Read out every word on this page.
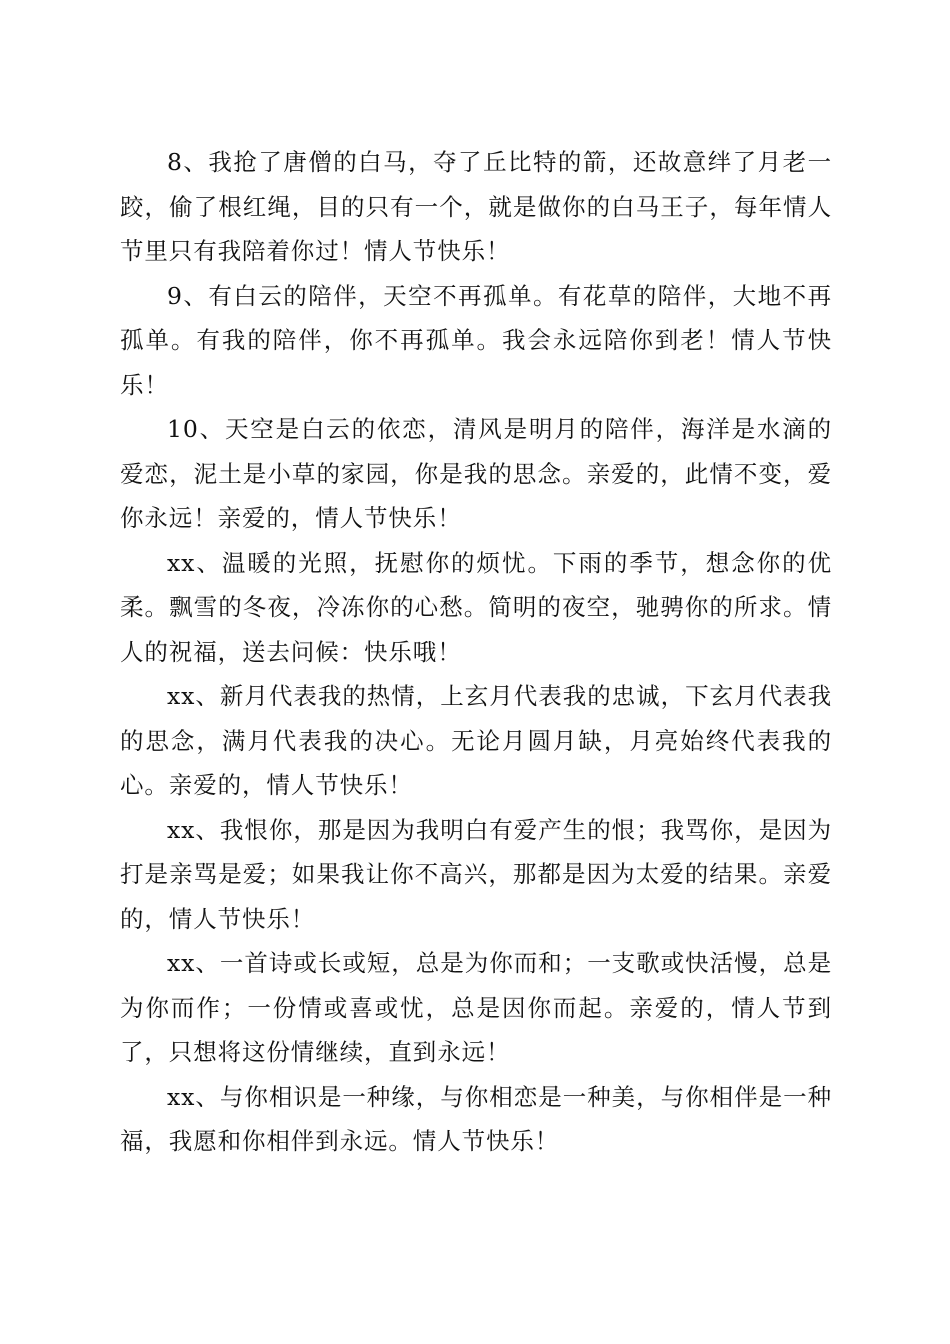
8、我抢了唐僧的白马，夺了丘比特的箭，还故意绊了月老一跤，偷了根红绳，目的只有一个，就是做你的白马王子，每年情人节里只有我陪着你过！情人节快乐！

9、有白云的陪伴，天空不再孤单。有花草的陪伴，大地不再孤单。有我的陪伴，你不再孤单。我会永远陪你到老！情人节快乐！

10、天空是白云的依恋，清风是明月的陪伴，海洋是水滴的爱恋，泥土是小草的家园，你是我的思念。亲爱的，此情不变，爱你永远！亲爱的，情人节快乐！

xx、温暖的光照，抚慰你的烦忧。下雨的季节，想念你的优柔。飘雪的冬夜，冷冻你的心愁。简明的夜空，驰骋你的所求。情人的祝福，送去问候：快乐哦！

xx、新月代表我的热情，上玄月代表我的忠诚，下玄月代表我的思念，满月代表我的决心。无论月圆月缺，月亮始终代表我的心。亲爱的，情人节快乐！

xx、我恨你，那是因为我明白有爱产生的恨；我骂你，是因为打是亲骂是爱；如果我让你不高兴，那都是因为太爱的结果。亲爱的，情人节快乐！

xx、一首诗或长或短，总是为你而和；一支歌或快活慢，总是为你而作；一份情或喜或忧，总是因你而起。亲爱的，情人节到了，只想将这份情继续，直到永远！

xx、与你相识是一种缘，与你相恋是一种美，与你相伴是一种福，我愿和你相伴到永远。情人节快乐！
